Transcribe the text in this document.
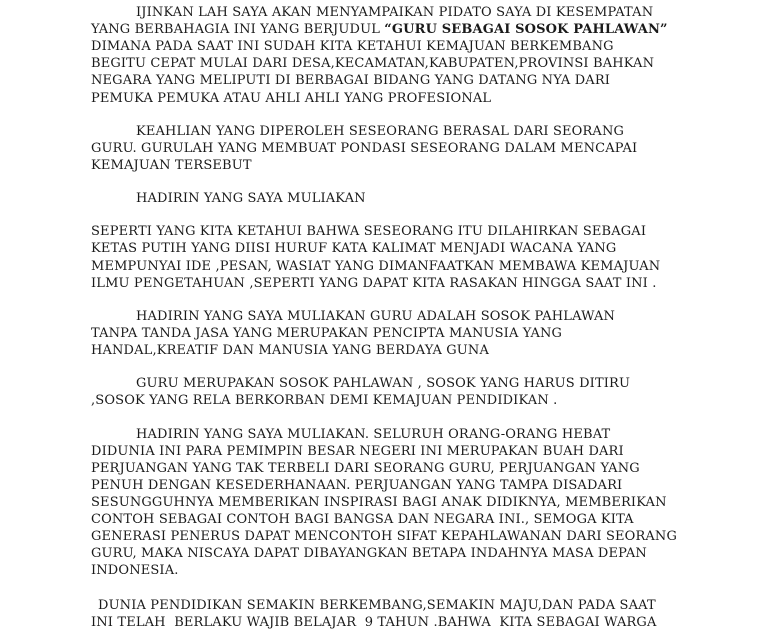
IJINKAN LAH SAYA AKAN MENYAMPAIKAN PIDATO SAYA DI KESEMPATAN

YANG BERBAHAGIA INI YANG BERJUDUL “GURU SEBAGAI SOSOK PAHLAWAN”

DIMANA PADA SAAT INI SUDAH KITA KETAHUI KEMAJUAN BERKEMBANG

BEGITU CEPAT MULAI DARI DESA,KECAMATAN,KABUPATEN,PROVINSI BAHKAN

NEGARA YANG MELIPUTI DI BERBAGAI BIDANG YANG DATANG NYA DARI

PEMUKA PEMUKA ATAU AHLI AHLI YANG PROFESIONAL

KEAHLIAN YANG DIPEROLEH SESEORANG BERASAL DARI SEORANG

GURU. GURULAH YANG MEMBUAT PONDASI SESEORANG DALAM MENCAPAI

KEMAJUAN TERSEBUT

HADIRIN YANG SAYA MULIAKAN

SEPERTI YANG KITA KETAHUI BAHWA SESEORANG ITU DILAHIRKAN SEBAGAI

KETAS PUTIH YANG DIISI HURUF KATA KALIMAT MENJADI WACANA YANG

MEMPUNYAI IDE ,PESAN, WASIAT YANG DIMANFAATKAN MEMBAWA KEMAJUAN

ILMU PENGETAHUAN ,SEPERTI YANG DAPAT KITA RASAKAN HINGGA SAAT INI .

HADIRIN YANG SAYA MULIAKAN GURU ADALAH SOSOK PAHLAWAN

TANPA TANDA JASA YANG MERUPAKAN PENCIPTA MANUSIA YANG

HANDAL,KREATIF DAN MANUSIA YANG BERDAYA GUNA

GURU MERUPAKAN SOSOK PAHLAWAN , SOSOK YANG HARUS DITIRU

,SOSOK YANG RELA BERKORBAN DEMI KEMAJUAN PENDIDIKAN .

HADIRIN YANG SAYA MULIAKAN. SELURUH ORANG-ORANG HEBAT

DIDUNIA INI PARA PEMIMPIN BESAR NEGERI INI MERUPAKAN BUAH DARI

PERJUANGAN YANG TAK TERBELI DARI SEORANG GURU, PERJUANGAN YANG

PENUH DENGAN KESEDERHANAAN. PERJUANGAN YANG TAMPA DISADARI

SESUNGGUHNYA MEMBERIKAN INSPIRASI BAGI ANAK DIDIKNYA, MEMBERIKAN

CONTOH SEBAGAI CONTOH BAGI BANGSA DAN NEGARA INI., SEMOGA KITA

GENERASI PENERUS DAPAT MENCONTOH SIFAT KEPAHLAWANAN DARI SEORANG

GURU, MAKA NISCAYA DAPAT DIBAYANGKAN BETAPA INDAHNYA MASA DEPAN

INDONESIA.

DUNIA PENDIDIKAN SEMAKIN BERKEMBANG,SEMAKIN MAJU,DAN PADA SAAT

INI TELAH  BERLAKU WAJIB BELAJAR  9 TAHUN .BAHWA  KITA SEBAGAI WARGA
